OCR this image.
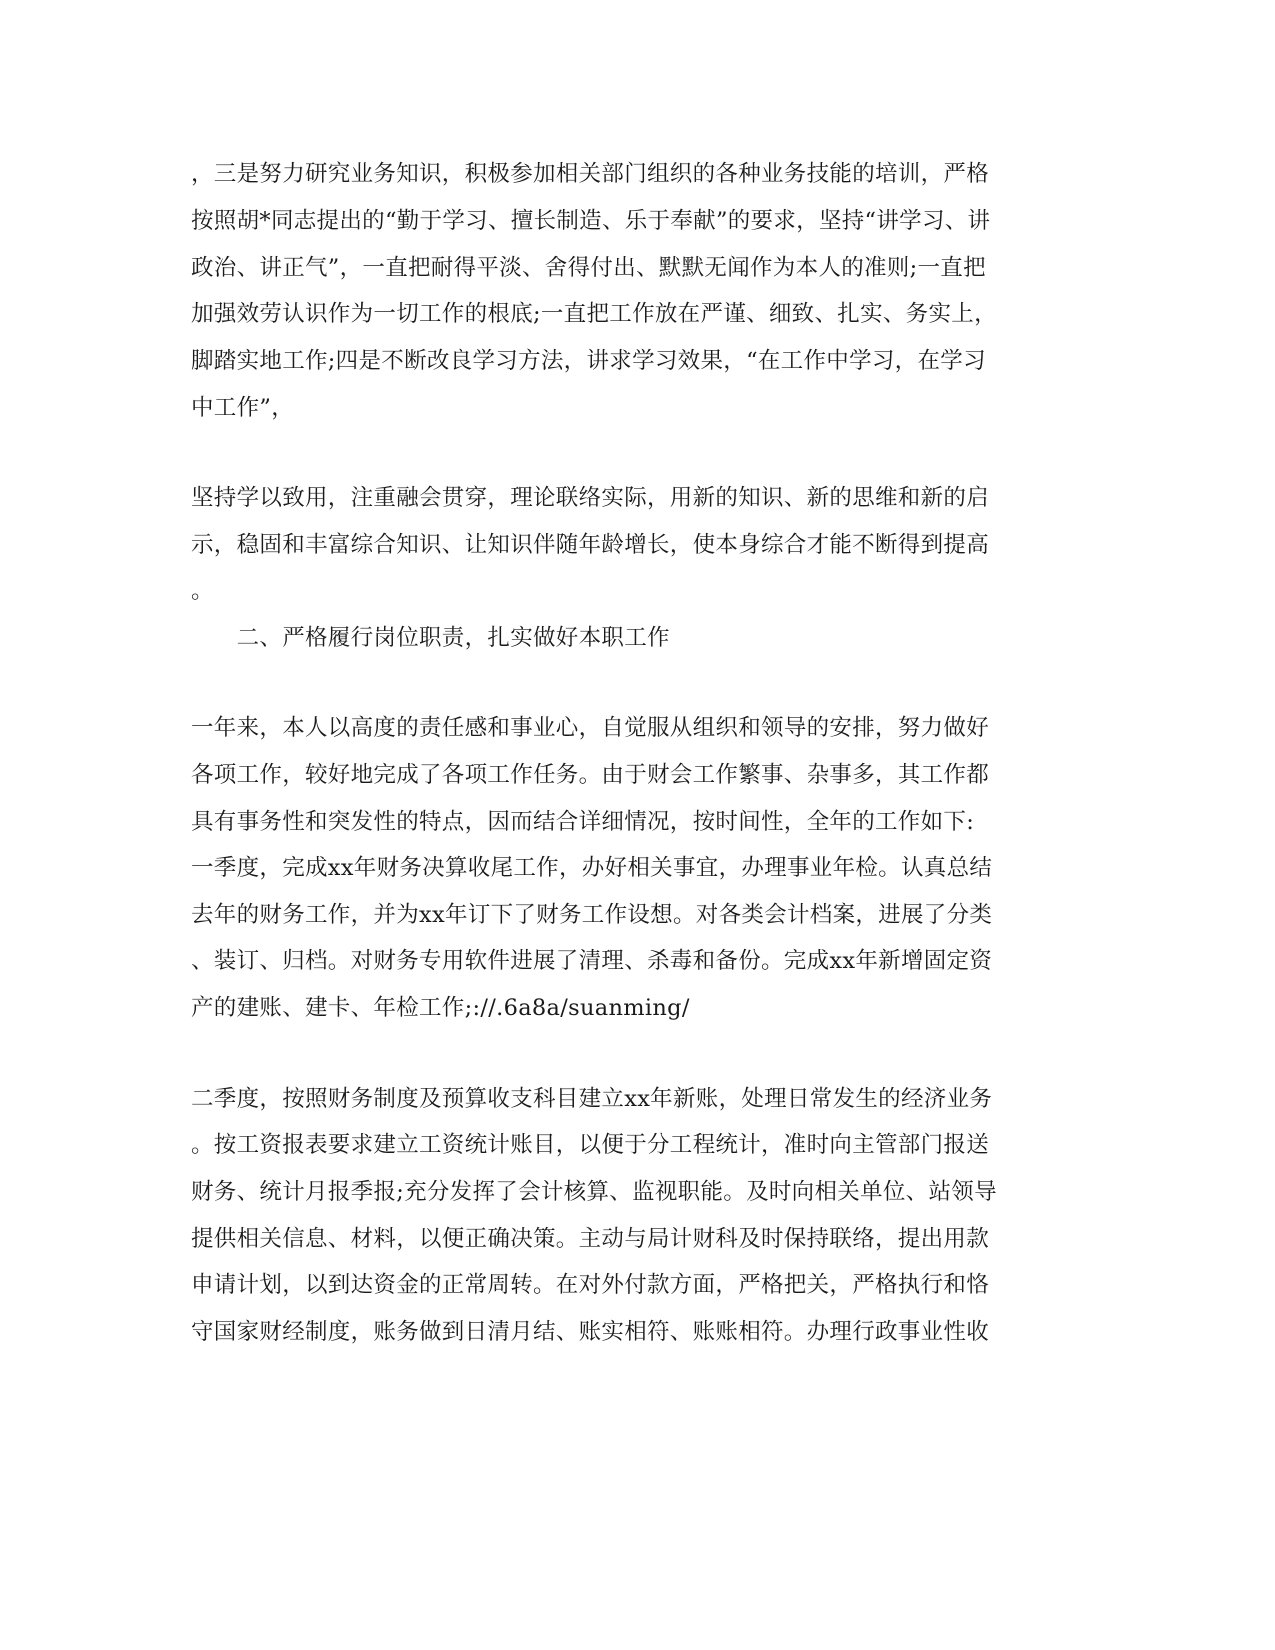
，三是努力研究业务知识，积极参加相关部门组织的各种业务技能的培训，严格
按照胡*同志提出的“勤于学习、擅长制造、乐于奉献”的要求，坚持“讲学习、讲
政治、讲正气”，一直把耐得平淡、舍得付出、默默无闻作为本人的准则;一直把
加强效劳认识作为一切工作的根底;一直把工作放在严谨、细致、扎实、务实上，
脚踏实地工作;四是不断改良学习方法，讲求学习效果，“在工作中学习，在学习
中工作”，
坚持学以致用，注重融会贯穿，理论联络实际，用新的知识、新的思维和新的启
示，稳固和丰富综合知识、让知识伴随年龄增长，使本身综合才能不断得到提高
。
　　二、严格履行岗位职责，扎实做好本职工作
一年来，本人以高度的责任感和事业心，自觉服从组织和领导的安排，努力做好
各项工作，较好地完成了各项工作任务。由于财会工作繁事、杂事多，其工作都
具有事务性和突发性的特点，因而结合详细情况，按时间性，全年的工作如下:
一季度，完成xx年财务决算收尾工作，办好相关事宜，办理事业年检。认真总结
去年的财务工作，并为xx年订下了财务工作设想。对各类会计档案，进展了分类
、装订、归档。对财务专用软件进展了清理、杀毒和备份。完成xx年新增固定资
产的建账、建卡、年检工作;://.6a8a/suanming/
二季度，按照财务制度及预算收支科目建立xx年新账，处理日常发生的经济业务
。按工资报表要求建立工资统计账目，以便于分工程统计，准时向主管部门报送
财务、统计月报季报;充分发挥了会计核算、监视职能。及时向相关单位、站领导
提供相关信息、材料，以便正确决策。主动与局计财科及时保持联络，提出用款
申请计划，以到达资金的正常周转。在对外付款方面，严格把关，严格执行和恪
守国家财经制度，账务做到日清月结、账实相符、账账相符。办理行政事业性收
